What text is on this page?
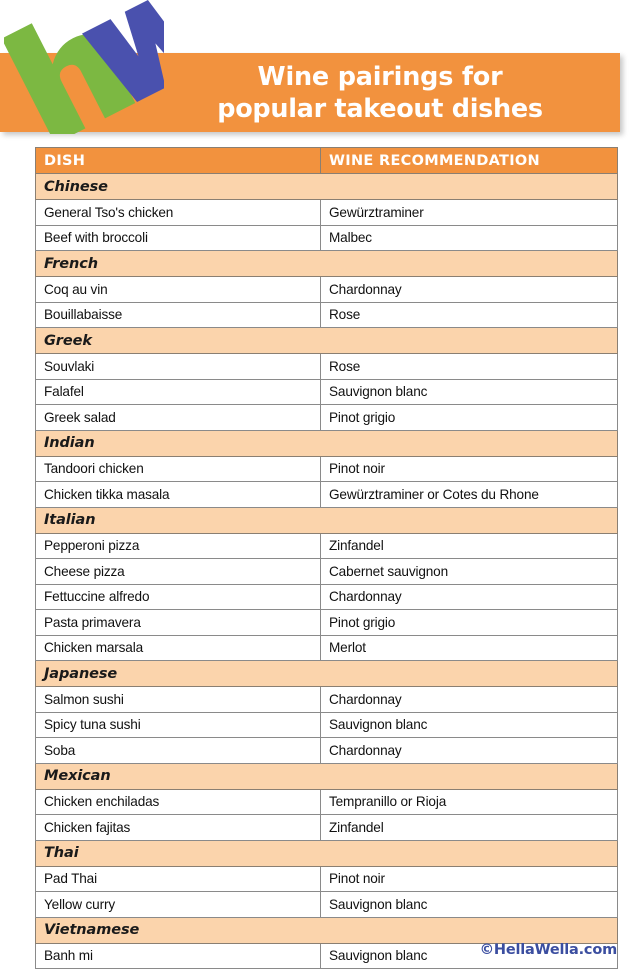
Wine pairings for
popular takeout dishes
DISH	WINE RECOMMENDATION
Chinese	
General Tso's chicken	Gewürztraminer
Beef with broccoli	Malbec
French	
Coq au vin	Chardonnay
Bouillabaisse	Rose
Greek	
Souvlaki	Rose
Falafel	Sauvignon blanc
Greek salad	Pinot grigio
Indian	
Tandoori chicken	Pinot noir
Chicken tikka masala	Gewürztraminer or Cotes du Rhone
Italian	
Pepperoni pizza	Zinfandel
Cheese pizza	Cabernet sauvignon
Fettuccine alfredo	Chardonnay
Pasta primavera	Pinot grigio
Chicken marsala	Merlot
Japanese	
Salmon sushi	Chardonnay
Spicy tuna sushi	Sauvignon blanc
Soba	Chardonnay
Mexican	
Chicken enchiladas	Tempranillo or Rioja
Chicken fajitas	Zinfandel
Thai	
Pad Thai	Pinot noir
Yellow curry	Sauvignon blanc
Vietnamese	
Banh mi	Sauvignon blanc	©HellaWella.com
